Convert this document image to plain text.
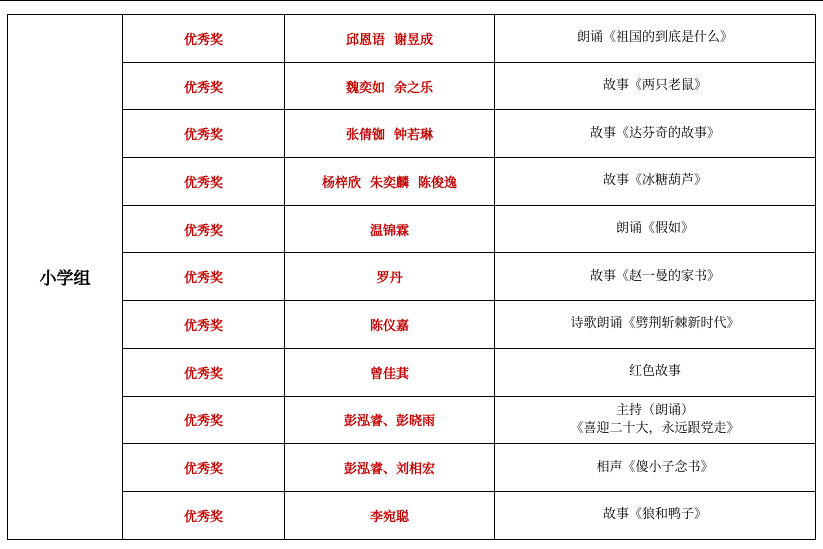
小学组	优秀奖	邱恩语  谢昱成	朗诵《祖国的到底是什么》

	优秀奖	魏奕如  余之乐	故事《两只老鼠》

	优秀奖	张倩铷  钟若琳	故事《达芬奇的故事》

	优秀奖	杨梓欣  朱奕麟  陈俊逸	故事《冰糖葫芦》

	优秀奖	温锦霖	朗诵《假如》

	优秀奖	罗丹	故事《赵一曼的家书》

	优秀奖	陈仪嘉	诗歌朗诵《劈荆斩棘新时代》

	优秀奖	曾佳萁	红色故事

	优秀奖	彭泓睿、彭晓雨	主持（朗诵）
《喜迎二十大，永远跟党走》

	优秀奖	彭泓睿、刘相宏	相声《傻小子念书》

	优秀奖	李宛聪	故事《狼和鸭子》
